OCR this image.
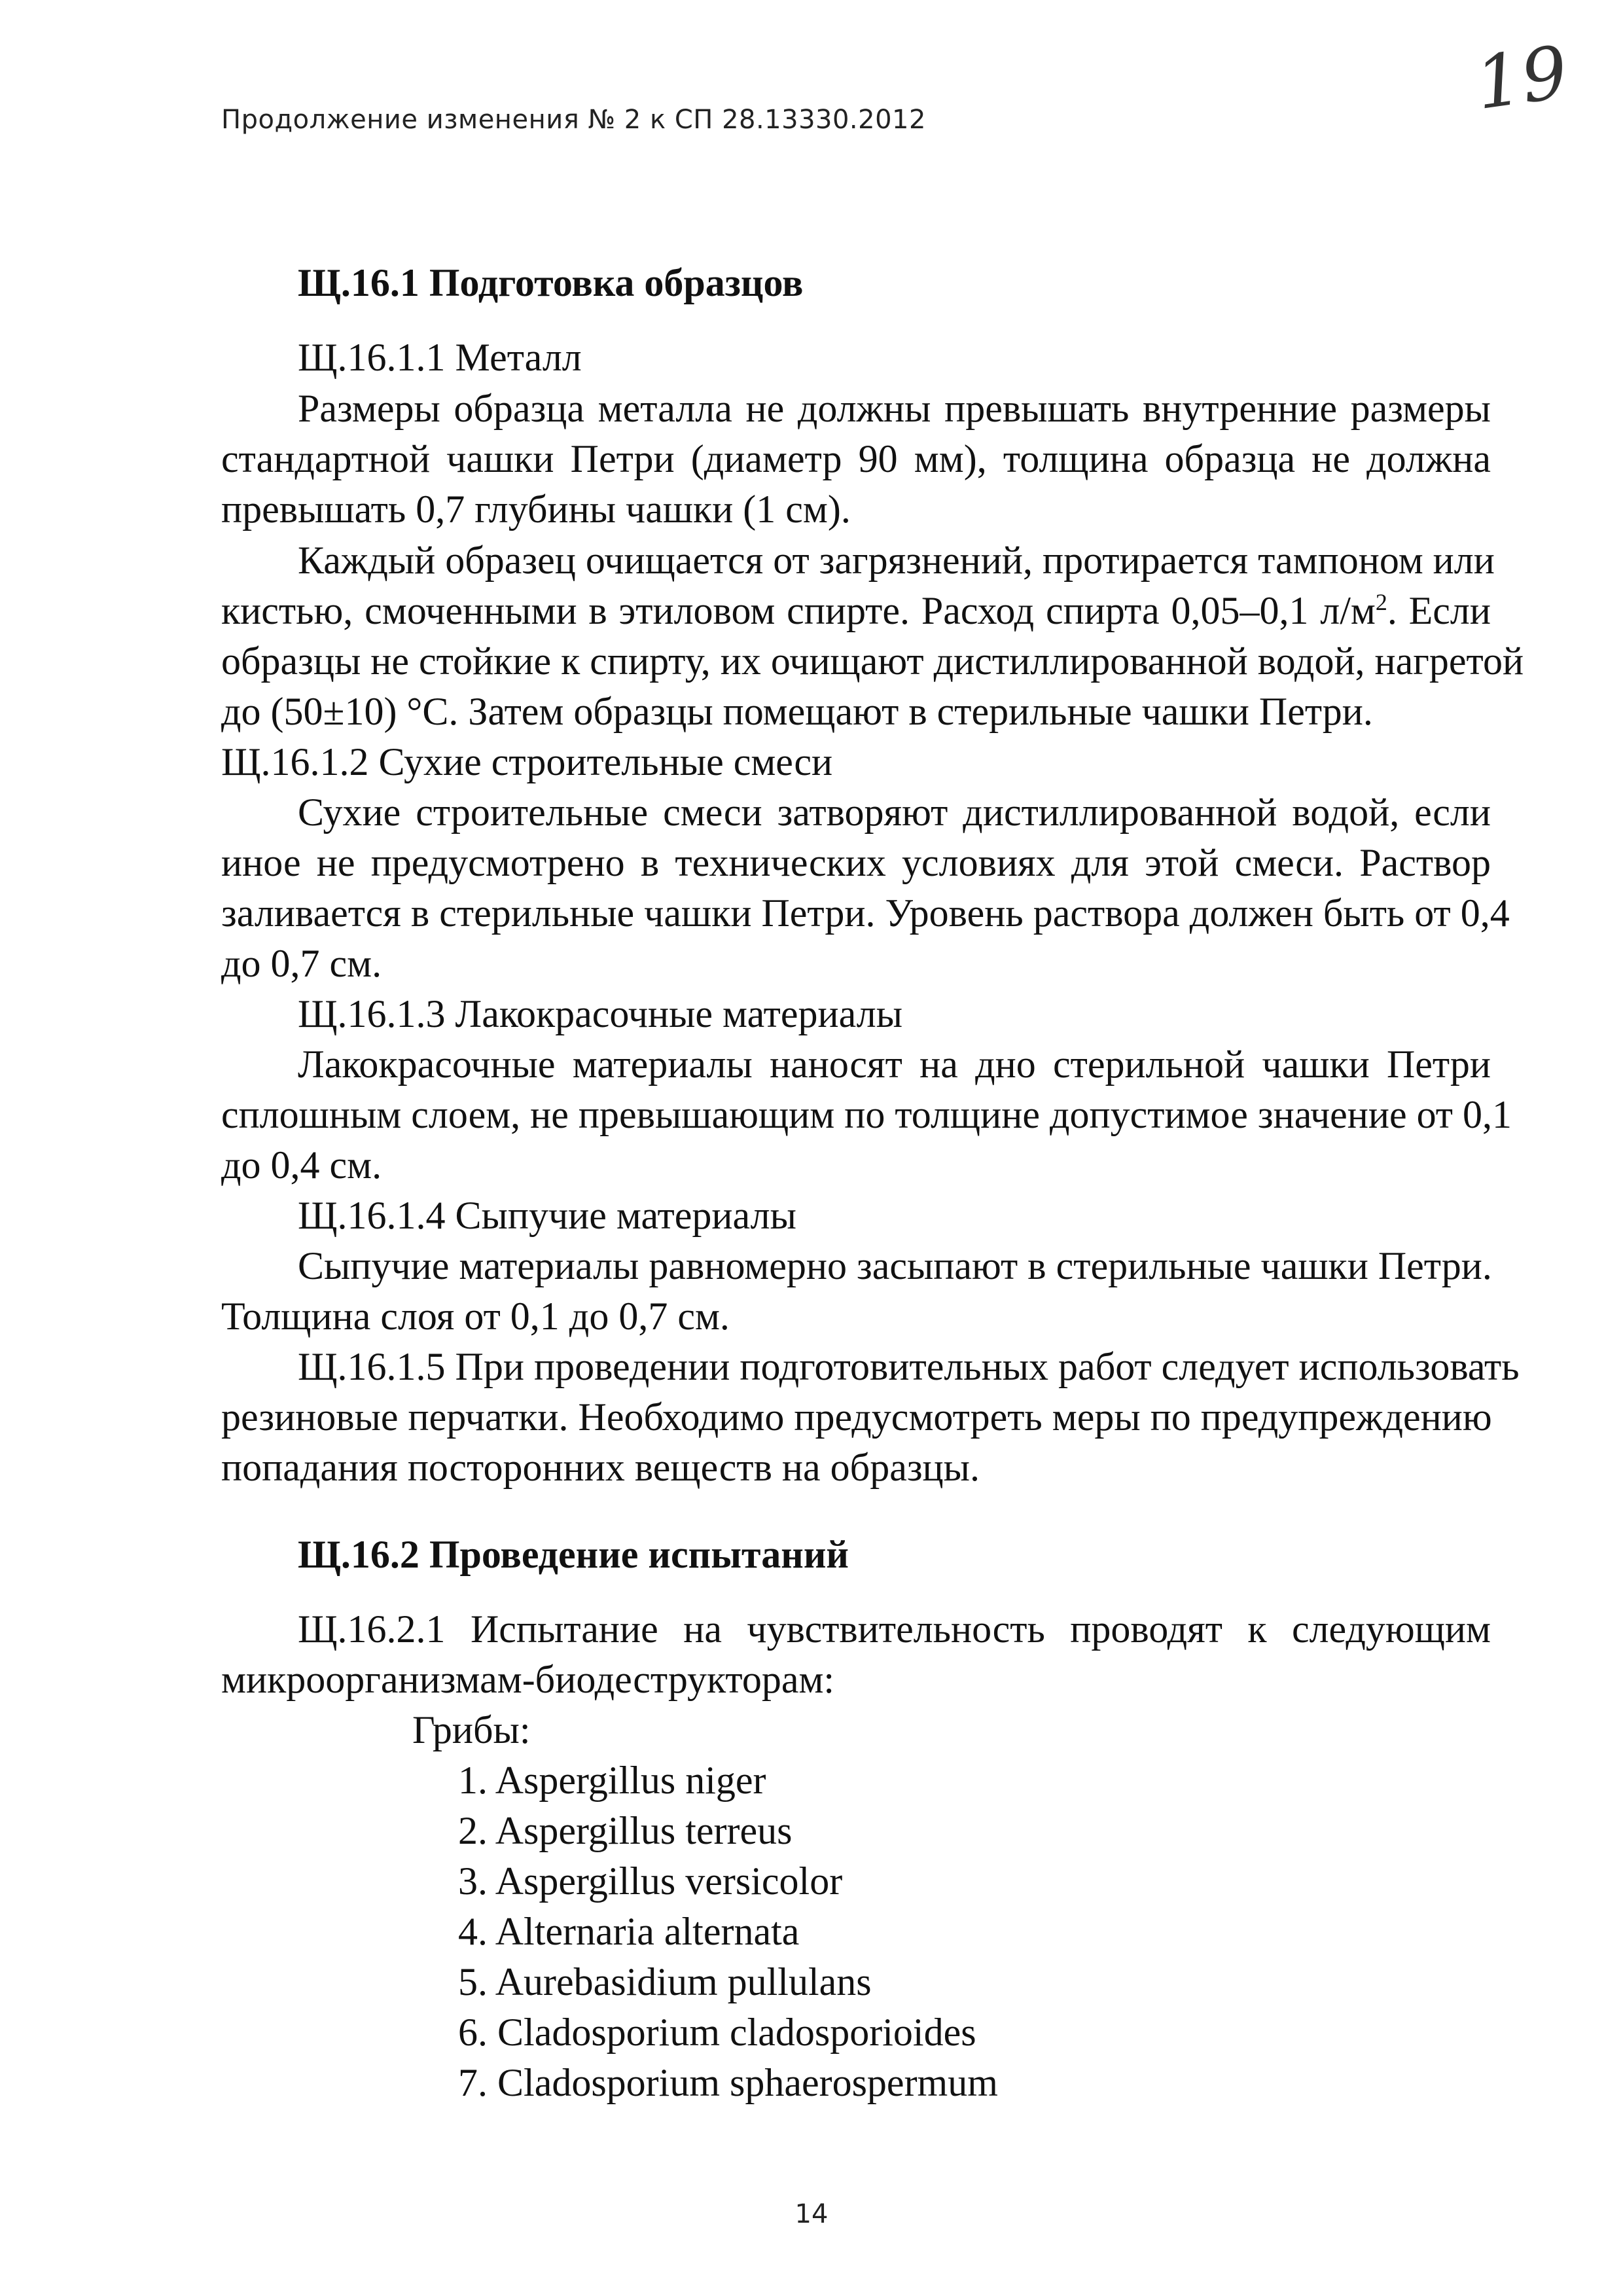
Продолжение изменения № 2 к СП 28.13330.2012	19
Щ.16.1 Подготовка образцов
Щ.16.1.1 Металл
Размеры образца металла не должны превышать внутренние размеры
стандартной чашки Петри (диаметр 90 мм), толщина образца не должна
превышать 0,7 глубины чашки (1 см).
Каждый образец очищается от загрязнений, протирается тампоном или
кистью, смоченными в этиловом спирте. Расход спирта 0,05–0,1 $л/м^2$. Если
образцы не стойкие к спирту, их очищают дистиллированной водой, нагретой
до (50±10) °С. Затем образцы помещают в стерильные чашки Петри.
Щ.16.1.2 Сухие строительные смеси
Сухие строительные смеси затворяют дистиллированной водой, если
иное не предусмотрено в технических условиях для этой смеси. Раствор
заливается в стерильные чашки Петри. Уровень раствора должен быть от 0,4
до 0,7 см.
Щ.16.1.3 Лакокрасочные материалы
Лакокрасочные материалы наносят на дно стерильной чашки Петри
сплошным слоем, не превышающим по толщине допустимое значение от 0,1
до 0,4 см.
Щ.16.1.4 Сыпучие материалы
Сыпучие материалы равномерно засыпают в стерильные чашки Петри.
Толщина слоя от 0,1 до 0,7 см.
Щ.16.1.5 При проведении подготовительных работ следует использовать
резиновые перчатки. Необходимо предусмотреть меры по предупреждению
попадания посторонних веществ на образцы.
Щ.16.2 Проведение испытаний
Щ.16.2.1 Испытание на чувствительность проводят к следующим
микроорганизмам-биодеструкторам:
Грибы:
1. Aspergillus niger
2. Aspergillus terreus
3. Aspergillus versicolor
4. Alternaria alternata
5. Aurebasidium pullulans
6. Cladosporium cladosporioides
7. Cladosporium sphaerospermum
14
